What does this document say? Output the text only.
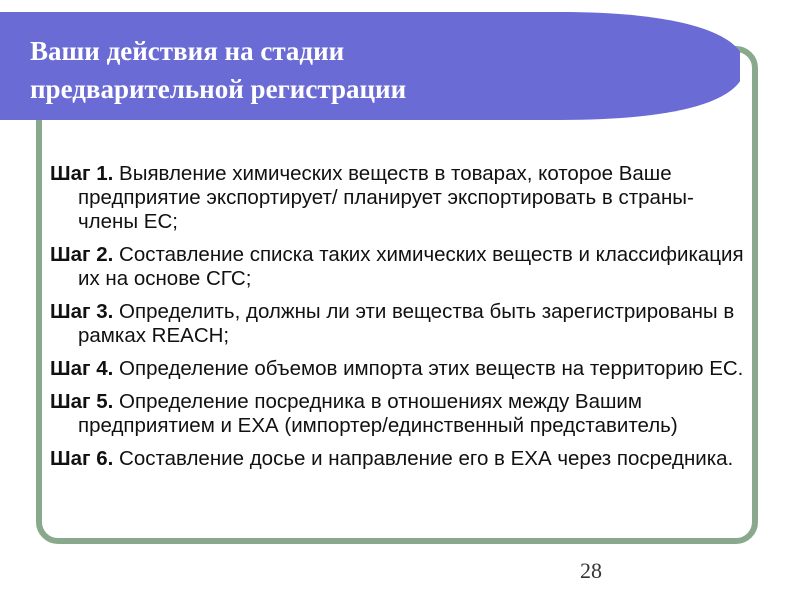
Ваши действия на стадии
предварительной регистрации
Шаг 1. Выявление химических веществ в товарах, которое Ваше предприятие экспортирует/ планирует экспортировать в страны-члены ЕС;
Шаг 2. Составление списка таких химических веществ и классификация их на основе СГС;
Шаг 3. Определить, должны ли эти вещества быть зарегистрированы в рамках REACH;
Шаг 4. Определение объемов импорта этих веществ на территорию ЕС.
Шаг 5. Определение посредника в отношениях между Вашим предприятием и ЕХА (импортер/единственный представитель)
Шаг 6. Составление досье и направление его в ЕХА через посредника.
28
